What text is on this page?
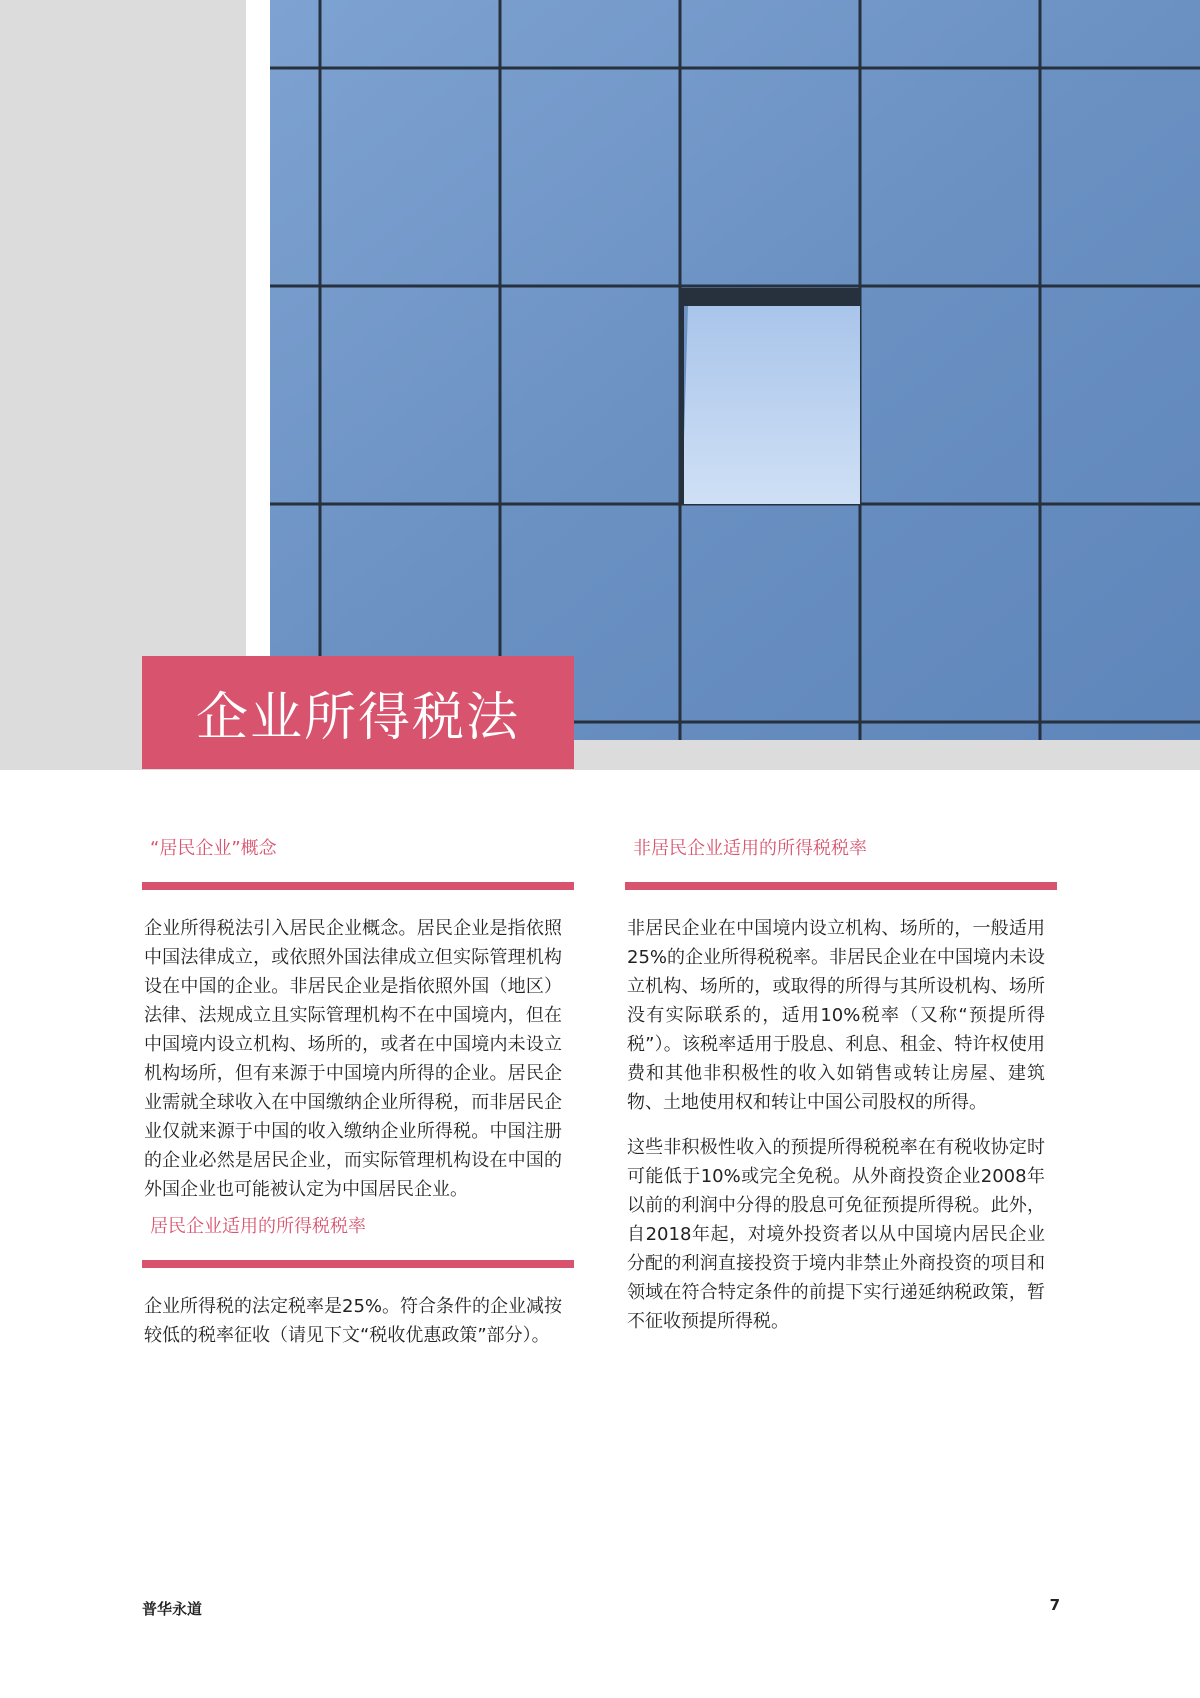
企业所得税法
“居民企业”概念

企业所得税法引入居民企业概念。居民企业是指依照中国法律成立，或依照外国法律成立但实际管理机构设在中国的企业。非居民企业是指依照外国（地区）法律、法规成立且实际管理机构不在中国境内，但在中国境内设立机构、场所的，或者在中国境内未设立机构场所，但有来源于中国境内所得的企业。居民企业需就全球收入在中国缴纳企业所得税，而非居民企业仅就来源于中国的收入缴纳企业所得税。中国注册的企业必然是居民企业，而实际管理机构设在中国的外国企业也可能被认定为中国居民企业。

居民企业适用的所得税税率

企业所得税的法定税率是25%。符合条件的企业减按较低的税率征收（请见下文“税收优惠政策”部分）。

非居民企业适用的所得税税率

非居民企业在中国境内设立机构、场所的，一般适用25%的企业所得税税率。非居民企业在中国境内未设立机构、场所的，或取得的所得与其所设机构、场所没有实际联系的，适用10%税率（又称“预提所得税”）。该税率适用于股息、利息、租金、特许权使用费和其他非积极性的收入如销售或转让房屋、建筑物、土地使用权和转让中国公司股权的所得。

这些非积极性收入的预提所得税税率在有税收协定时可能低于10%或完全免税。从外商投资企业2008年以前的利润中分得的股息可免征预提所得税。此外，自2018年起，对境外投资者以从中国境内居民企业分配的利润直接投资于境内非禁止外商投资的项目和领域在符合特定条件的前提下实行递延纳税政策，暂不征收预提所得税。

普华永道	7
